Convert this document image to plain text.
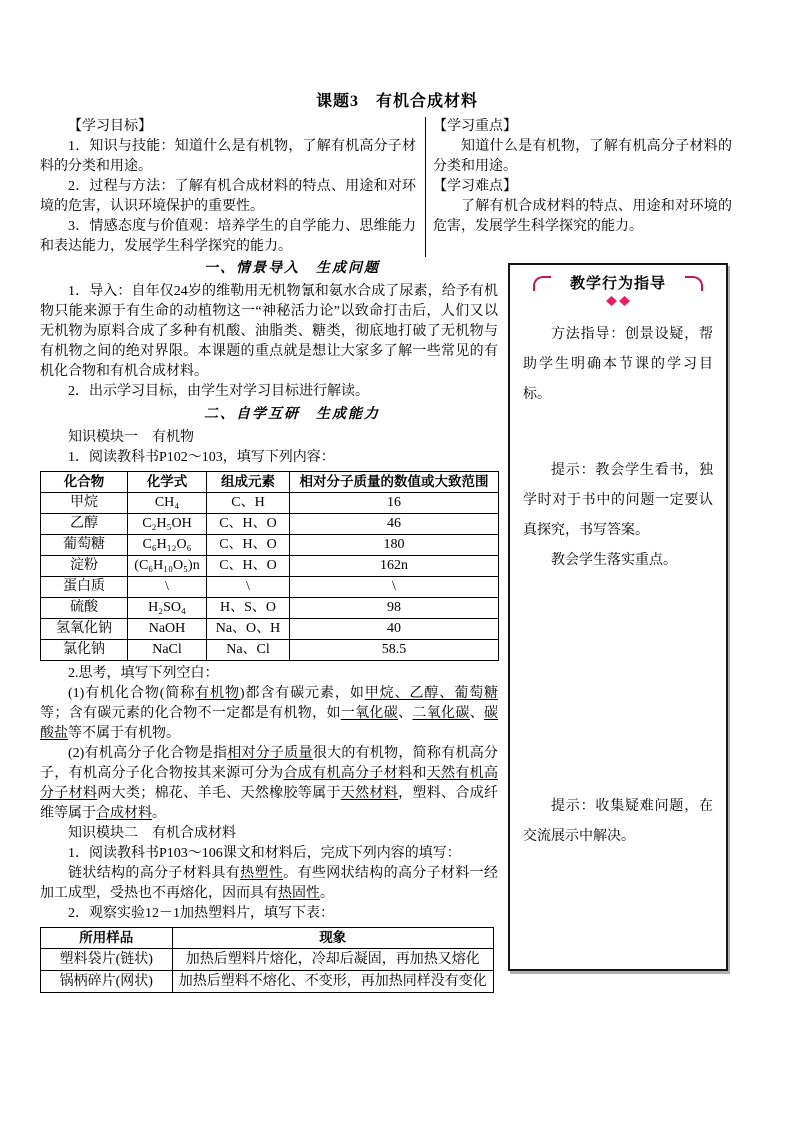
课题3　有机合成材料

【学习目标】

1．知识与技能：知道什么是有机物，了解有机高分子材料的分类和用途。

2．过程与方法：了解有机合成材料的特点、用途和对环境的危害，认识环境保护的重要性。

3．情感态度与价值观：培养学生的自学能力、思维能力和表达能力，发展学生科学探究的能力。

【学习重点】

知道什么是有机物，了解有机高分子材料的分类和用途。

【学习难点】

了解有机合成材料的特点、用途和对环境的危害，发展学生科学探究的能力。

一、情景导入　生成问题

1．导入：自年仅24岁的维勒用无机物氰和氨水合成了尿素，给予有机物只能来源于有生命的动植物这一“神秘活力论”以致命打击后，人们又以无机物为原料合成了多种有机酸、油脂类、糖类，彻底地打破了无机物与有机物之间的绝对界限。本课题的重点就是想让大家多了解一些常见的有机化合物和有机合成材料。

2．出示学习目标，由学生对学习目标进行解读。

二、自学互研　生成能力

知识模块一　有机物

1．阅读教科书P102～103，填写下列内容：

化合物	化学式	组成元素	相对分子质量的数值或大致范围
甲烷	CH₄	C、H	16
乙醇	C₂H₅OH	C、H、O	46
葡萄糖	C₆H₁₂O₆	C、H、O	180
淀粉	(C₆H₁₀O₅)n	C、H、O	162n
蛋白质	\	\	\
硫酸	H₂SO₄	H、S、O	98
氢氧化钠	NaOH	Na、O、H	40
氯化钠	NaCl	Na、Cl	58.5

2.思考，填写下列空白：

(1)有机化合物(简称有机物)都含有碳元素，如甲烷、乙醇、葡萄糖等；含有碳元素的化合物不一定都是有机物，如一氧化碳、二氧化碳、碳酸盐等不属于有机物。

(2)有机高分子化合物是指相对分子质量很大的有机物，简称有机高分子，有机高分子化合物按其来源可分为合成有机高分子材料和天然有机高分子材料两大类；棉花、羊毛、天然橡胶等属于天然材料，塑料、合成纤维等属于合成材料。

知识模块二　有机合成材料

1．阅读教科书P103～106课文和材料后，完成下列内容的填写：

链状结构的高分子材料具有热塑性。有些网状结构的高分子材料一经加工成型，受热也不再熔化，因而具有热固性。

2．观察实验12－1加热塑料片，填写下表：

所用样品	现象
塑料袋片(链状)	加热后塑料片熔化，冷却后凝固，再加热又熔化
锅柄碎片(网状)	加热后塑料不熔化、不变形，再加热同样没有变化
教学行为指导

方法指导：创景设疑，帮助学生明确本节课的学习目标。

提示：教会学生看书，独学时对于书中的问题一定要认真探究，书写答案。

教会学生落实重点。

提示：收集疑难问题，在交流展示中解决。
